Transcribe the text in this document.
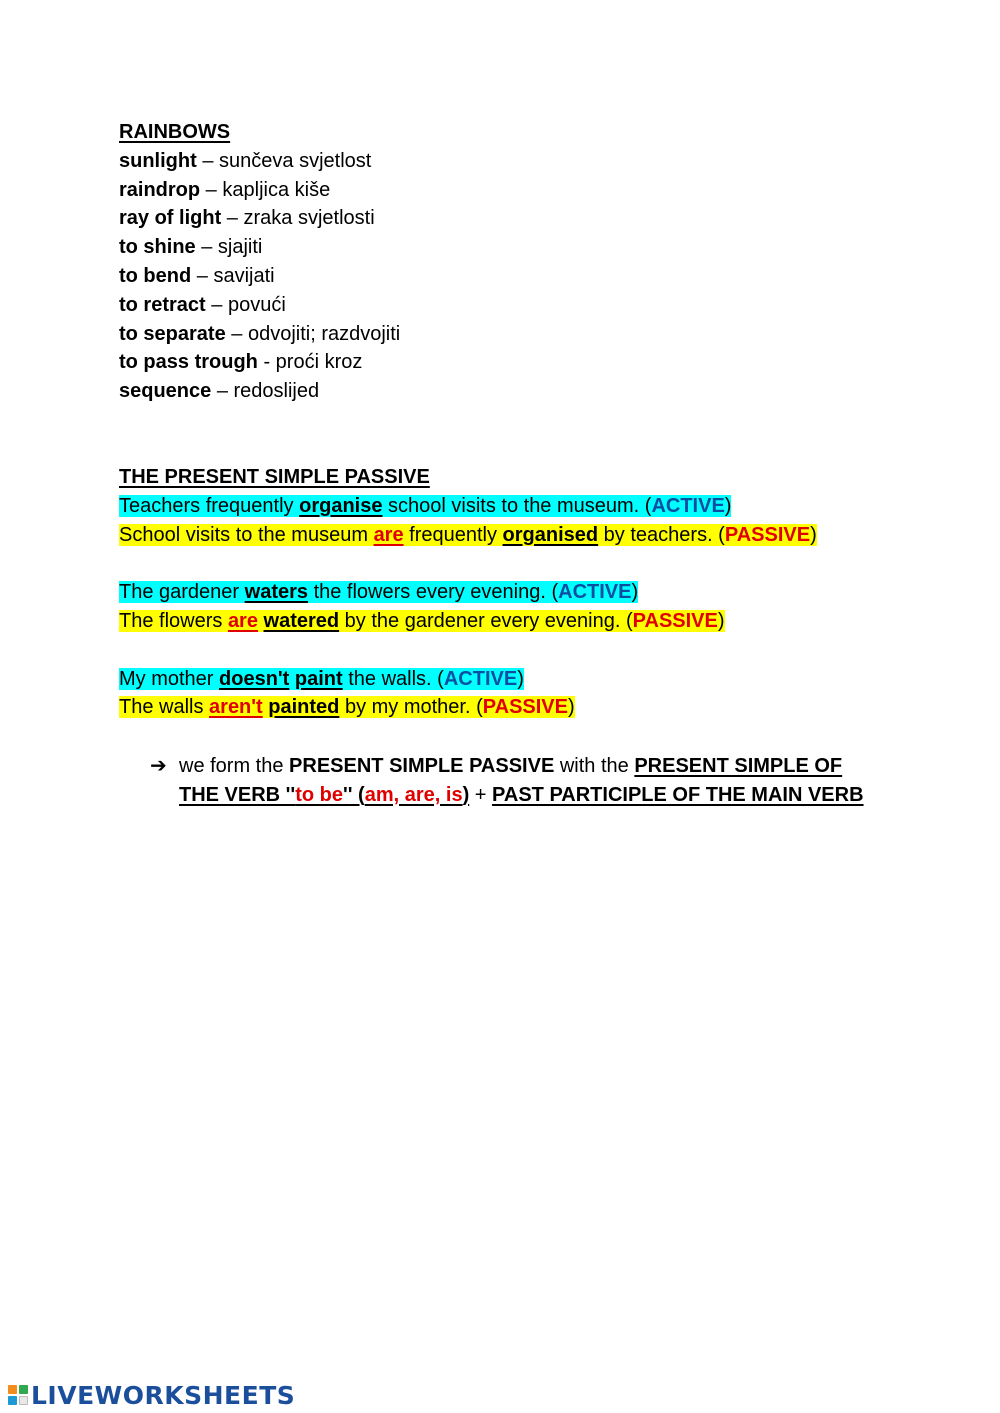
RAINBOWS
sunlight – sunčeva svjetlost
raindrop – kapljica kiše
ray of light – zraka svjetlosti
to shine – sjajiti
to bend – savijati
to retract – povući
to separate – odvojiti; razdvojiti
to pass trough - proći kroz
sequence – redoslijed
THE PRESENT SIMPLE PASSIVE
Teachers frequently organise school visits to the museum. (ACTIVE)
School visits to the museum are frequently organised by teachers. (PASSIVE)
The gardener waters the flowers every evening. (ACTIVE)
The flowers are watered by the gardener every evening. (PASSIVE)
My mother doesn't paint the walls. (ACTIVE)
The walls aren't painted by my mother. (PASSIVE)
➔ we form the PRESENT SIMPLE PASSIVE with the PRESENT SIMPLE OF THE VERB ''to be'' (am, are, is) + PAST PARTICIPLE OF THE MAIN VERB
LIVEWORKSHEETS
